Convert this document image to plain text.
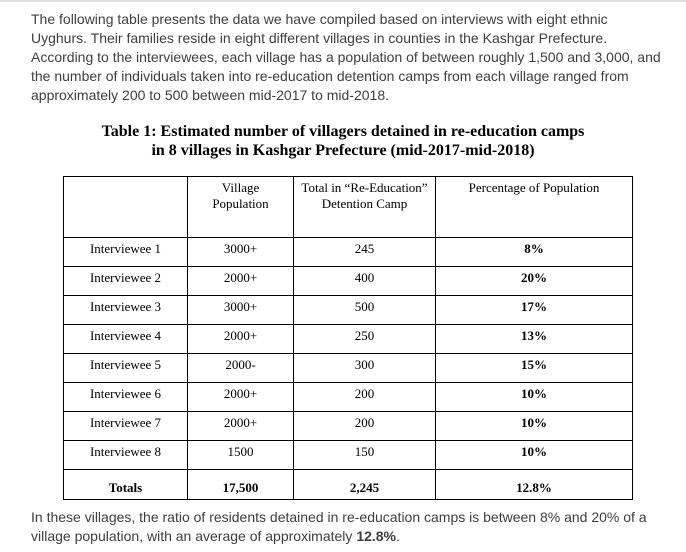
The following table presents the data we have compiled based on interviews with eight ethnic Uyghurs. Their families reside in eight different villages in counties in the Kashgar Prefecture. According to the interviewees, each village has a population of between roughly 1,500 and 3,000, and the number of individuals taken into re-education detention camps from each village ranged from approximately 200 to 500 between mid-2017 to mid-2018.

Table 1: Estimated number of villagers detained in re-education camps
in 8 villages in Kashgar Prefecture (mid-2017-mid-2018)
	Village Population	Total in “Re-Education” Detention Camp	Percentage of Population
Interviewee 1	3000+	245	8%
Interviewee 2	2000+	400	20%
Interviewee 3	3000+	500	17%
Interviewee 4	2000+	250	13%
Interviewee 5	2000-	300	15%
Interviewee 6	2000+	200	10%
Interviewee 7	2000+	200	10%
Interviewee 8	1500	150	10%
Totals	17,500	2,245	12.8%

In these villages, the ratio of residents detained in re-education camps is between 8% and 20% of a village population, with an average of approximately 12.8%.
